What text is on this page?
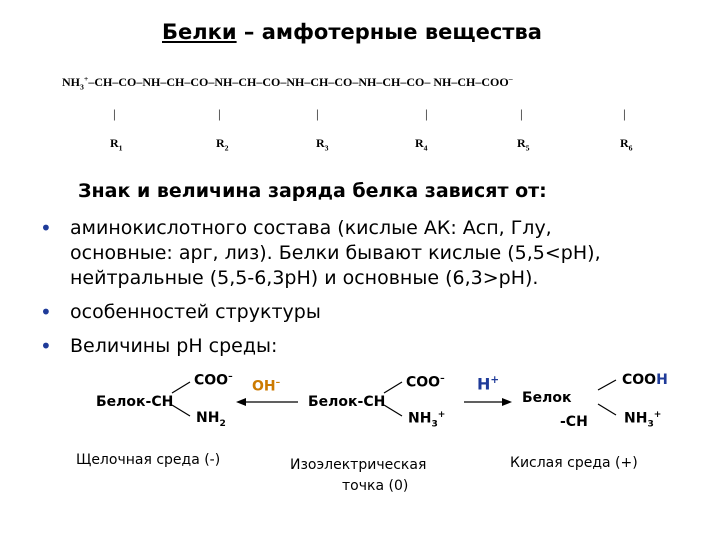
Белки – амфотерные вещества
$NH_3^+-CH-CO-NH-CH-CO-NH-CH-CO-NH-CH-CO-NH-CH-CO-$ NH–CH–COO–
|	|	|	|	|	|
$R_1$	$R_2$	$R_3$	$R_4$	$R_5$	$R_6$
Знак и величина заряда белка зависят от:
• аминокислотного состава (кислые АК: Асп, Глу,
основные: арг, лиз). Белки бывают кислые (5,5<рН),
нейтральные (5,5-6,3рН) и основные (6,3>рН).
• особенностей структуры
• Величины рН среды:
Белок-CH
COO–
$NH_2$
OH–
Белок-CH
COO–
$NH_3^+$
H+
Белок
-CH
COOH
$NH_3^+$
Щелочная среда (-)	Изоэлектрическая
точка (0)
Кислая среда (+)
